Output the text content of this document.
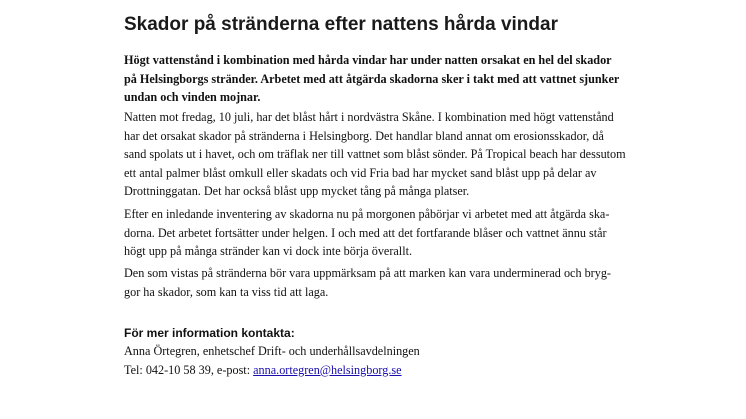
Skador på stränderna efter nattens hårda vindar

Högt vattenstånd i kombination med hårda vindar har under natten orsakat en hel del skador
på Helsingborgs stränder. Arbetet med att åtgärda skadorna sker i takt med att vattnet sjunker
undan och vinden mojnar.

Natten mot fredag, 10 juli, har det blåst hårt i nordvästra Skåne. I kombination med högt vattenstånd
har det orsakat skador på stränderna i Helsingborg. Det handlar bland annat om erosionsskador, då
sand spolats ut i havet, och om träflak ner till vattnet som blåst sönder. På Tropical beach har dessutom
ett antal palmer blåst omkull eller skadats och vid Fria bad har mycket sand blåst upp på delar av
Drottninggatan. Det har också blåst upp mycket tång på många platser.

Efter en inledande inventering av skadorna nu på morgonen påbörjar vi arbetet med att åtgärda ska-
dorna. Det arbetet fortsätter under helgen. I och med att det fortfarande blåser och vattnet ännu står
högt upp på många stränder kan vi dock inte börja överallt.

Den som vistas på stränderna bör vara uppmärksam på att marken kan vara underminerad och bryg-
gor ha skador, som kan ta viss tid att laga.

För mer information kontakta:

Anna Örtegren, enhetschef Drift- och underhållsavdelningen

Tel: 042-10 58 39, e-post: anna.ortegren@helsingborg.se
